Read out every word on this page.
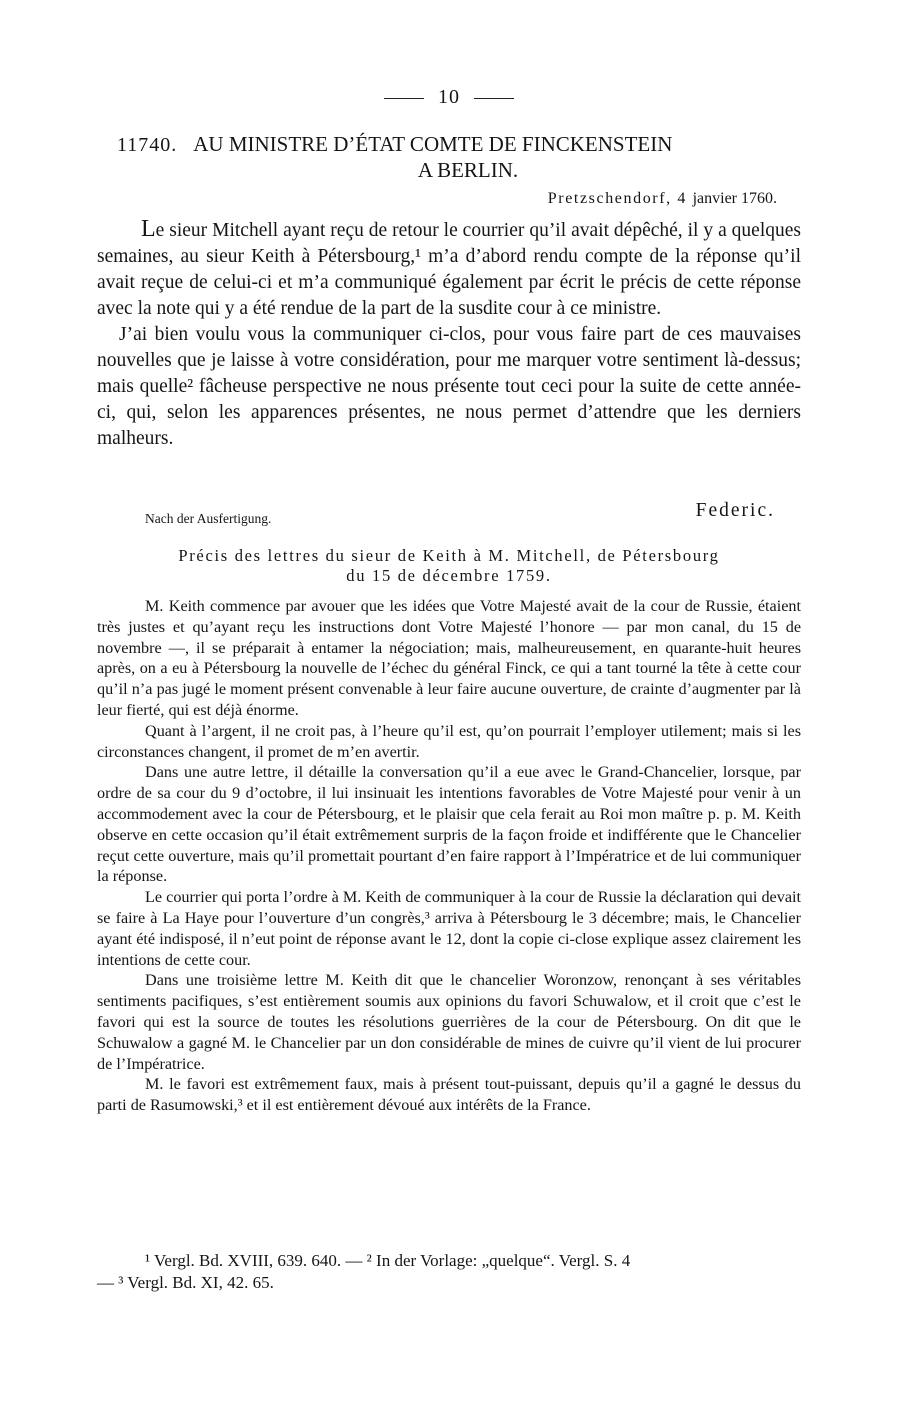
10
11740. AU MINISTRE D’ÉTAT COMTE DE FINCKENSTEIN
A BERLIN.
Pretzschendorf, 4 janvier 1760.

Le sieur Mitchell ayant reçu de retour le courrier qu’il avait dépêché, il y a quelques semaines, au sieur Keith à Pétersbourg,¹ m’a d’abord rendu compte de la réponse qu’il avait reçue de celui-ci et m’a communiqué également par écrit le précis de cette réponse avec la note qui y a été rendue de la part de la susdite cour à ce ministre.

J’ai bien voulu vous la communiquer ci-clos, pour vous faire part de ces mauvaises nouvelles que je laisse à votre considération, pour me marquer votre sentiment là-dessus; mais quelle² fâcheuse perspective ne nous présente tout ceci pour la suite de cette année-ci, qui, selon les apparences présentes, ne nous permet d’attendre que les derniers malheurs.

Nach der Ausfertigung.	Federic.
Précis des lettres du sieur de Keith à M. Mitchell, de Pétersbourg
du 15 de décembre 1759.

M. Keith commence par avouer que les idées que Votre Majesté avait de la cour de Russie, étaient très justes et qu’ayant reçu les instructions dont Votre Majesté l’honore — par mon canal, du 15 de novembre —, il se préparait à entamer la négociation; mais, malheureusement, en quarante-huit heures après, on a eu à Pétersbourg la nouvelle de l’échec du général Finck, ce qui a tant tourné la tête à cette cour qu’il n’a pas jugé le moment présent convenable à leur faire aucune ouverture, de crainte d’augmenter par là leur fierté, qui est déjà énorme.

Quant à l’argent, il ne croit pas, à l’heure qu’il est, qu’on pourrait l’employer utilement; mais si les circonstances changent, il promet de m’en avertir.

Dans une autre lettre, il détaille la conversation qu’il a eue avec le Grand-Chancelier, lorsque, par ordre de sa cour du 9 d’octobre, il lui insinuait les intentions favorables de Votre Majesté pour venir à un accommodement avec la cour de Pétersbourg, et le plaisir que cela ferait au Roi mon maître p. p. M. Keith observe en cette occasion qu’il était extrêmement surpris de la façon froide et indifférente que le Chancelier reçut cette ouverture, mais qu’il promettait pourtant d’en faire rapport à l’Impératrice et de lui communiquer la réponse.

Le courrier qui porta l’ordre à M. Keith de communiquer à la cour de Russie la déclaration qui devait se faire à La Haye pour l’ouverture d’un congrès,³ arriva à Pétersbourg le 3 décembre; mais, le Chancelier ayant été indisposé, il n’eut point de réponse avant le 12, dont la copie ci-close explique assez clairement les intentions de cette cour.

Dans une troisième lettre M. Keith dit que le chancelier Woronzow, renonçant à ses véritables sentiments pacifiques, s’est entièrement soumis aux opinions du favori Schuwalow, et il croit que c’est le favori qui est la source de toutes les résolutions guerrières de la cour de Pétersbourg. On dit que le Schuwalow a gagné M. le Chancelier par un don considérable de mines de cuivre qu’il vient de lui procurer de l’Impératrice.

M. le favori est extrêmement faux, mais à présent tout-puissant, depuis qu’il a gagné le dessus du parti de Rasumowski,³ et il est entièrement dévoué aux intérêts de la France.

¹ Vergl. Bd. XVIII, 639. 640. — ² In der Vorlage: „quelque“. Vergl. S. 4
— ³ Vergl. Bd. XI, 42. 65.
